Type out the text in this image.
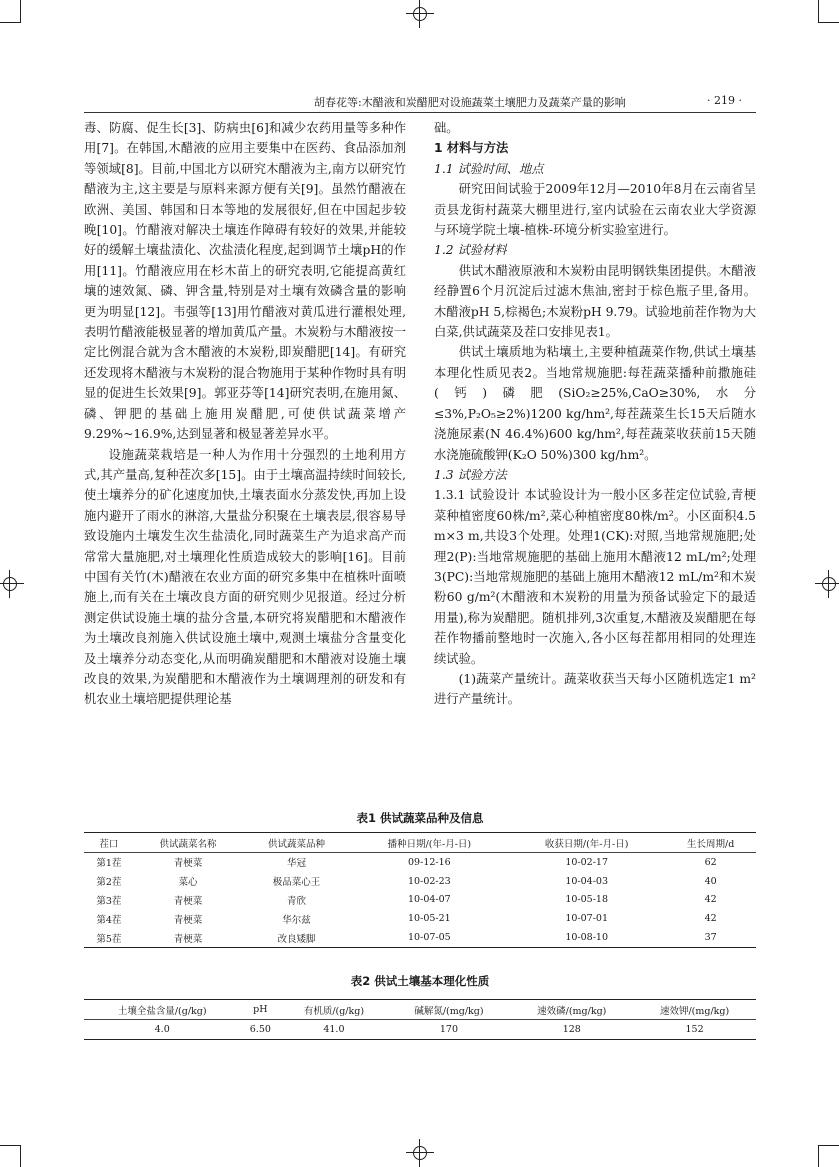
胡春花等:木醋液和炭醋肥对设施蔬菜土壤肥力及蔬菜产量的影响	· 219 ·

毒、防腐、促生长[3]、防病虫[6]和减少农药用量等多种作用[7]。在韩国,木醋液的应用主要集中在医药、食品添加剂等领域[8]。目前,中国北方以研究木醋液为主,南方以研究竹醋液为主,这主要是与原料来源方便有关[9]。虽然竹醋液在欧洲、美国、韩国和日本等地的发展很好,但在中国起步较晚[10]。竹醋液对解决土壤连作障碍有较好的效果,并能较好的缓解土壤盐渍化、次盐渍化程度,起到调节土壤pH的作用[11]。竹醋液应用在杉木苗上的研究表明,它能提高黄红壤的速效氮、磷、钾含量,特别是对土壤有效磷含量的影响更为明显[12]。韦强等[13]用竹醋液对黄瓜进行灌根处理,表明竹醋液能极显著的增加黄瓜产量。木炭粉与木醋液按一定比例混合就为含木醋液的木炭粉,即炭醋肥[14]。有研究还发现将木醋液与木炭粉的混合物施用于某种作物时具有明显的促进生长效果[9]。郭亚芬等[14]研究表明,在施用氮、磷、钾肥的基础上施用炭醋肥,可使供试蔬菜增产9.29%~16.9%,达到显著和极显著差异水平。

设施蔬菜栽培是一种人为作用十分强烈的土地利用方式,其产量高,复种茬次多[15]。由于土壤高温持续时间较长,使土壤养分的矿化速度加快,土壤表面水分蒸发快,再加上设施内避开了雨水的淋溶,大量盐分积聚在土壤表层,很容易导致设施内土壤发生次生盐渍化,同时蔬菜生产为追求高产而常常大量施肥,对土壤理化性质造成较大的影响[16]。目前中国有关竹(木)醋液在农业方面的研究多集中在植株叶面喷施上,而有关在土壤改良方面的研究则少见报道。经过分析测定供试设施土壤的盐分含量,本研究将炭醋肥和木醋液作为土壤改良剂施入供试设施土壤中,观测土壤盐分含量变化及土壤养分动态变化,从而明确炭醋肥和木醋液对设施土壤改良的效果,为炭醋肥和木醋液作为土壤调理剂的研发和有机农业土壤培肥提供理论基

础。

1 材料与方法

1.1 试验时间、地点

研究田间试验于2009年12月—2010年8月在云南省呈贡县龙街村蔬菜大棚里进行,室内试验在云南农业大学资源与环境学院土壤-植株-环境分析实验室进行。

1.2 试验材料

供试木醋液原液和木炭粉由昆明钢铁集团提供。木醋液经静置6个月沉淀后过滤木焦油,密封于棕色瓶子里,备用。木醋液pH 5,棕褐色;木炭粉pH 9.79。试验地前茬作物为大白菜,供试蔬菜及茬口安排见表1。

供试土壤质地为粘壤土,主要种植蔬菜作物,供试土壤基本理化性质见表2。当地常规施肥:每茬蔬菜播种前撒施硅(钙)磷肥(SiO₂≥25%,CaO≥30%,水分≤3%,P₂O₅≥2%)1200 kg/hm²,每茬蔬菜生长15天后随水浇施尿素(N 46.4%)600 kg/hm²,每茬蔬菜收获前15天随水浇施硫酸钾(K₂O 50%)300 kg/hm²。

1.3 试验方法

1.3.1 试验设计 本试验设计为一般小区多茬定位试验,青梗菜种植密度60株/m²,菜心种植密度80株/m²。小区面积4.5 m×3 m,共设3个处理。处理1(CK):对照,当地常规施肥;处理2(P):当地常规施肥的基础上施用木醋液12 mL/m²;处理3(PC):当地常规施肥的基础上施用木醋液12 mL/m²和木炭粉60 g/m²(木醋液和木炭粉的用量为预备试验定下的最适用量),称为炭醋肥。随机排列,3次重复,木醋液及炭醋肥在每茬作物播前整地时一次施入,各小区每茬都用相同的处理连续试验。

(1)蔬菜产量统计。蔬菜收获当天每小区随机选定1 m²进行产量统计。

表1 供试蔬菜品种及信息
茬口	供试蔬菜名称	供试蔬菜品种	播种日期/(年-月-日)	收获日期/(年-月-日)	生长周期/d
第1茬	青梗菜	华冠	09-12-16	10-02-17	62
第2茬	菜心	极品菜心王	10-02-23	10-04-03	40
第3茬	青梗菜	青欣	10-04-07	10-05-18	42
第4茬	青梗菜	华尔兹	10-05-21	10-07-01	42
第5茬	青梗菜	改良矮脚	10-07-05	10-08-10	37
表2 供试土壤基本理化性质
土壤全盐含量/(g/kg)	pH	有机质/(g/kg)	碱解氮/(mg/kg)	速效磷/(mg/kg)	速效钾/(mg/kg)
4.0	6.50	41.0	170	128	152
